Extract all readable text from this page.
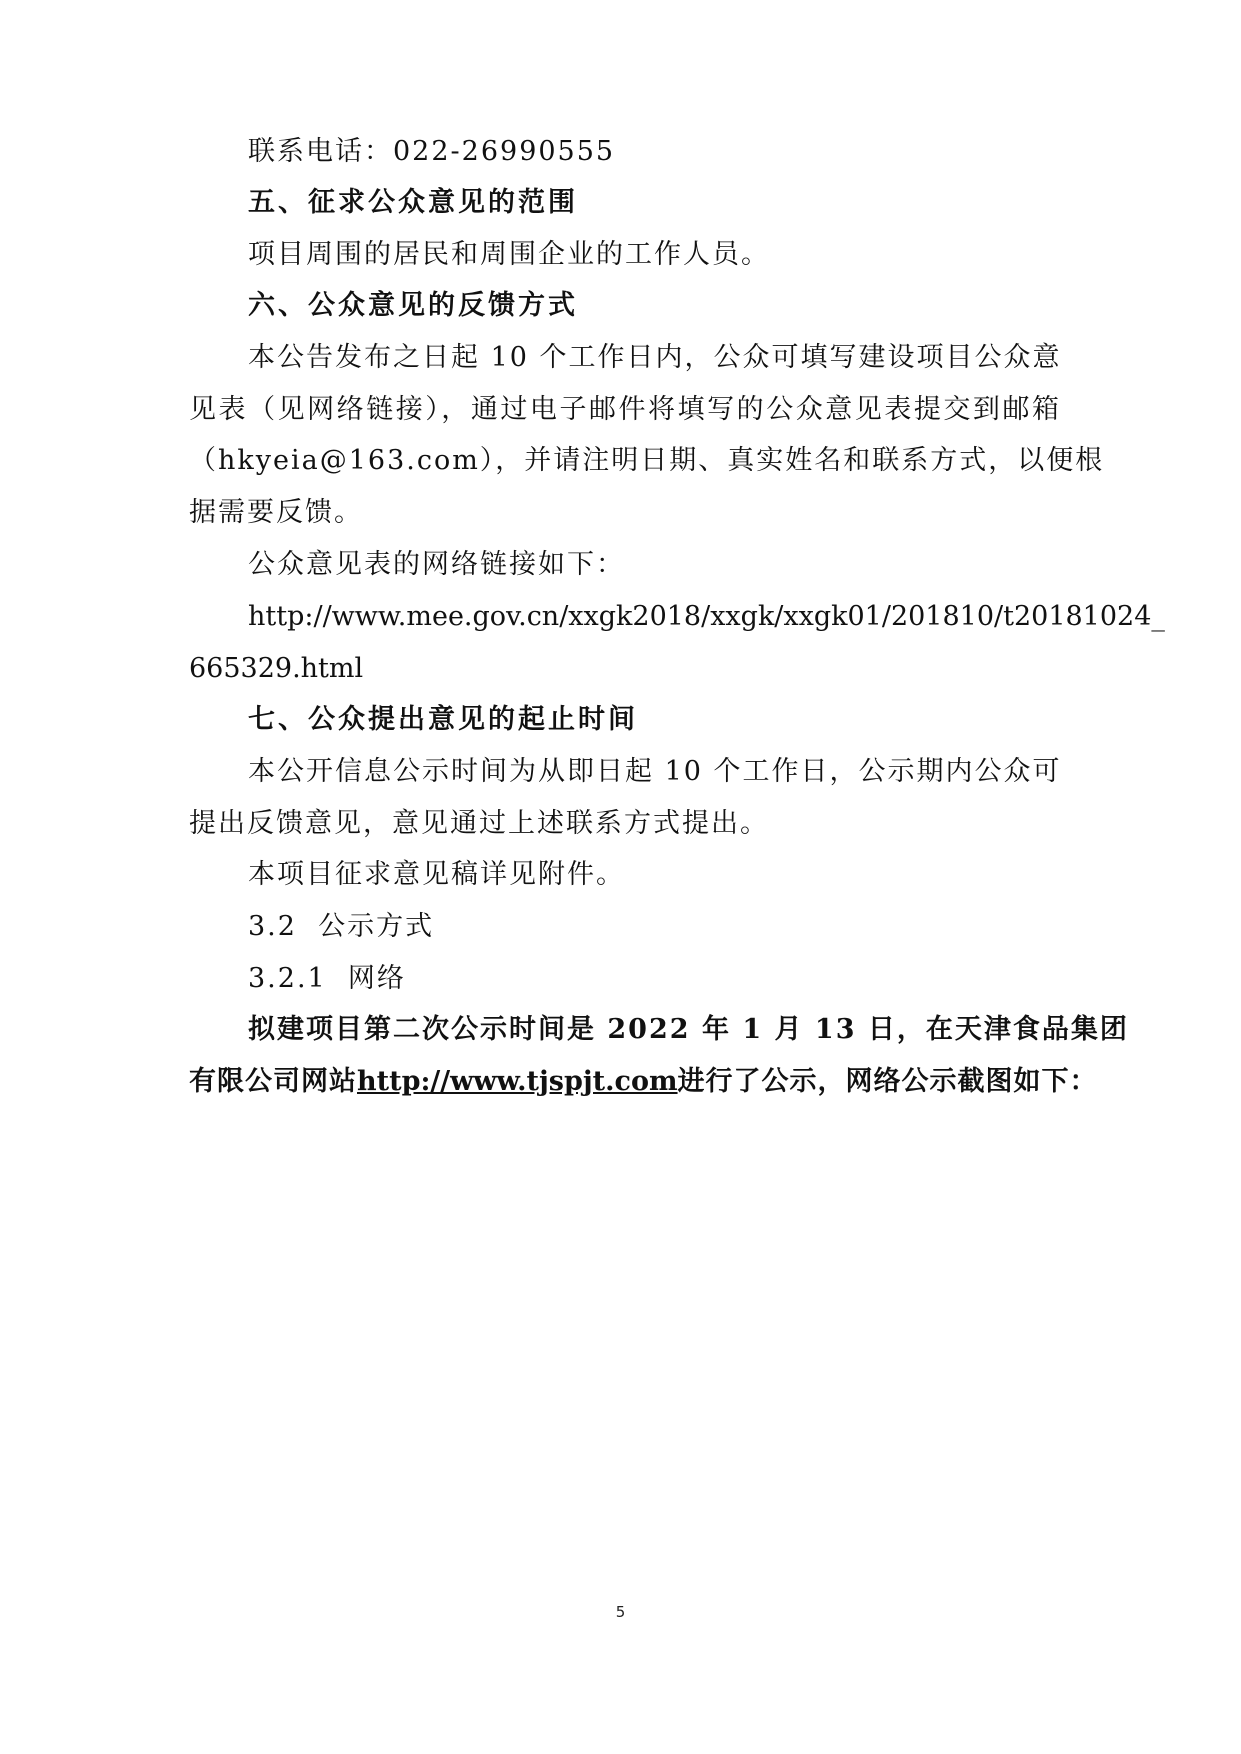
联系电话：022-26990555
五、征求公众意见的范围
项目周围的居民和周围企业的工作人员。
六、公众意见的反馈方式
本公告发布之日起 10 个工作日内，公众可填写建设项目公众意
见表（见网络链接），通过电子邮件将填写的公众意见表提交到邮箱
（hkyeia@163.com），并请注明日期、真实姓名和联系方式，以便根
据需要反馈。
公众意见表的网络链接如下：
http://www.mee.gov.cn/xxgk2018/xxgk/xxgk01/201810/t20181024_
665329.html
七、公众提出意见的起止时间
本公开信息公示时间为从即日起 10 个工作日，公示期内公众可
提出反馈意见，意见通过上述联系方式提出。
本项目征求意见稿详见附件。
3.2  公示方式
3.2.1  网络
拟建项目第二次公示时间是 2022 年 1 月 13 日，在天津食品集团
有限公司网站http://www.tjspjt.com进行了公示，网络公示截图如下：
5
